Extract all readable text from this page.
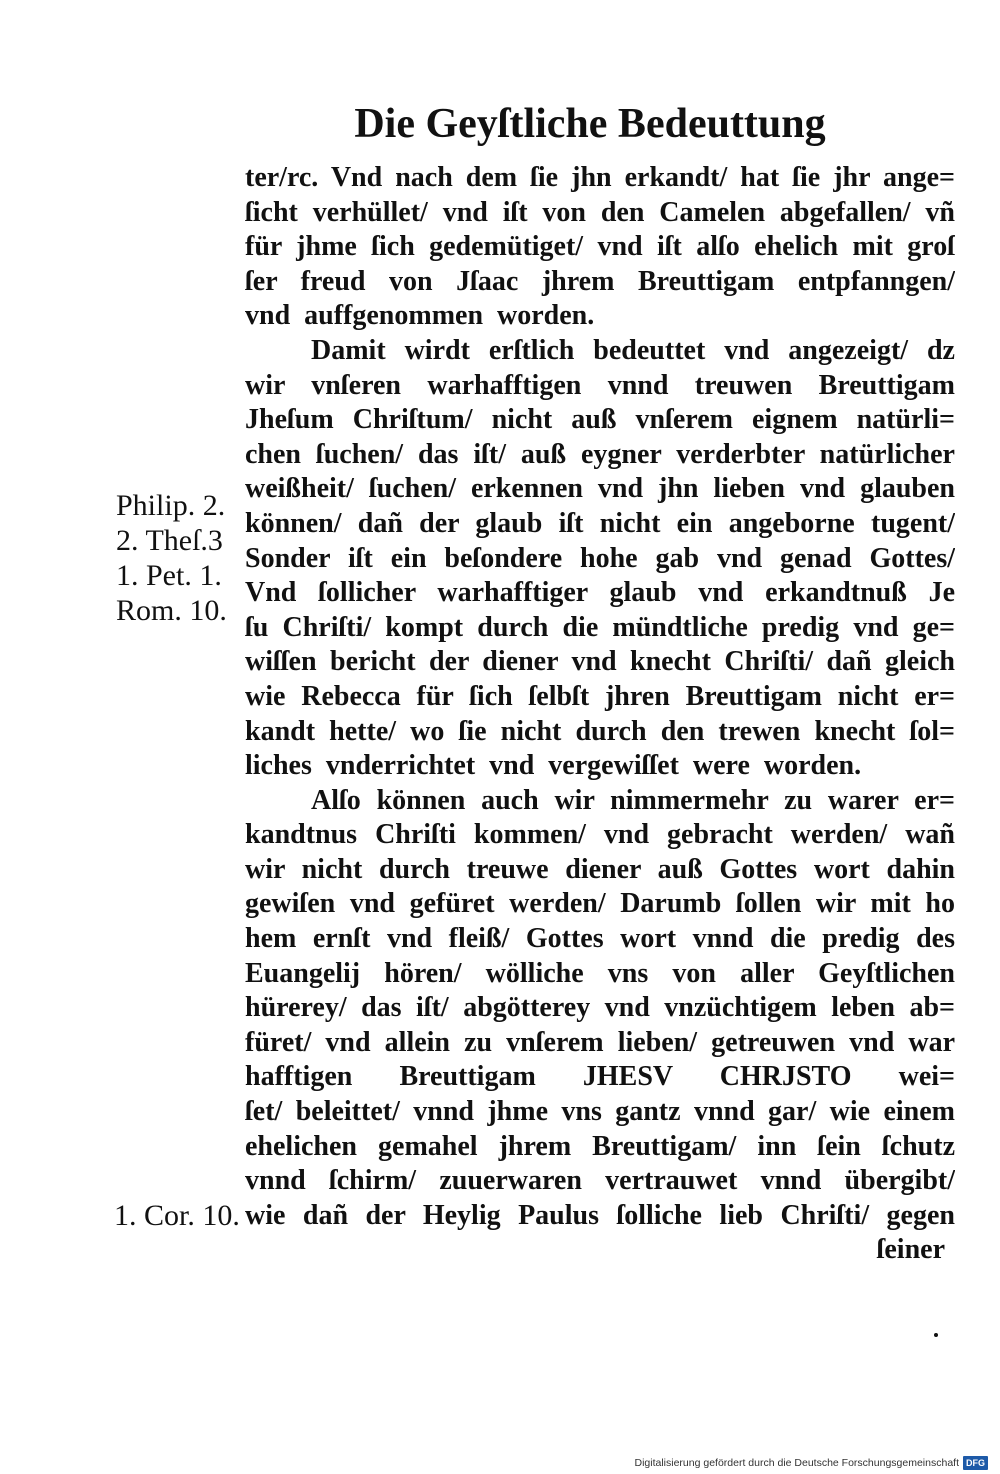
Die Geyſtliche Bedeuttung
ter/rc. Vnd nach dem ſie jhn erkandt/ hat ſie jhr ange=
ſicht verhüllet/ vnd iſt von den Camelen abgefallen/ vñ
für jhme ſich gedemütiget/ vnd iſt alſo ehelich mit groſ
ſer freud von Jſaac jhrem Breuttigam entpfanngen/
vnd auffgenommen worden.
Damit wirdt erſtlich bedeuttet vnd angezeigt/ dz
wir vnſeren warhafftigen vnnd treuwen Breuttigam
Jheſum Chriſtum/ nicht auß vnſerem eignem natürli=
chen ſuchen/ das iſt/ auß eygner verderbter natürlicher
weißheit/ ſuchen/ erkennen vnd jhn lieben vnd glauben
können/ dañ der glaub iſt nicht ein angeborne tugent/
Sonder iſt ein beſondere hohe gab vnd genad Gottes/
Vnd ſollicher warhafftiger glaub vnd erkandtnuß Je
ſu Chriſti/ kompt durch die mündtliche predig vnd ge=
wiſſen bericht der diener vnd knecht Chriſti/ dañ gleich
wie Rebecca für ſich ſelbſt jhren Breuttigam nicht er=
kandt hette/ wo ſie nicht durch den trewen knecht ſol=
liches vnderrichtet vnd vergewiſſet were worden.
Alſo können auch wir nimmermehr zu warer er=
kandtnus Chriſti kommen/ vnd gebracht werden/ wañ
wir nicht durch treuwe diener auß Gottes wort dahin
gewiſen vnd gefüret werden/ Darumb ſollen wir mit ho
hem ernſt vnd fleiß/ Gottes wort vnnd die predig des
Euangelij hören/ wölliche vns von aller Geyſtlichen
hürerey/ das iſt/ abgötterey vnd vnzüchtigem leben ab=
füret/ vnd allein zu vnſerem lieben/ getreuwen vnd war
hafftigen Breuttigam JHESV CHRJSTO wei=
ſet/ beleittet/ vnnd jhme vns gantz vnnd gar/ wie einem
ehelichen gemahel jhrem Breuttigam/ inn ſein ſchutz
vnnd ſchirm/ zuuerwaren vertrauwet vnnd übergibt/
wie dañ der Heylig Paulus ſolliche lieb Chriſti/ gegen
ſeiner
Philip. 2.
2. Theſ.3
1. Pet. 1.
Rom. 10.
1. Cor. 10.
Digitalisierung gefördert durch die Deutsche Forschungsgemeinschaft DFG
